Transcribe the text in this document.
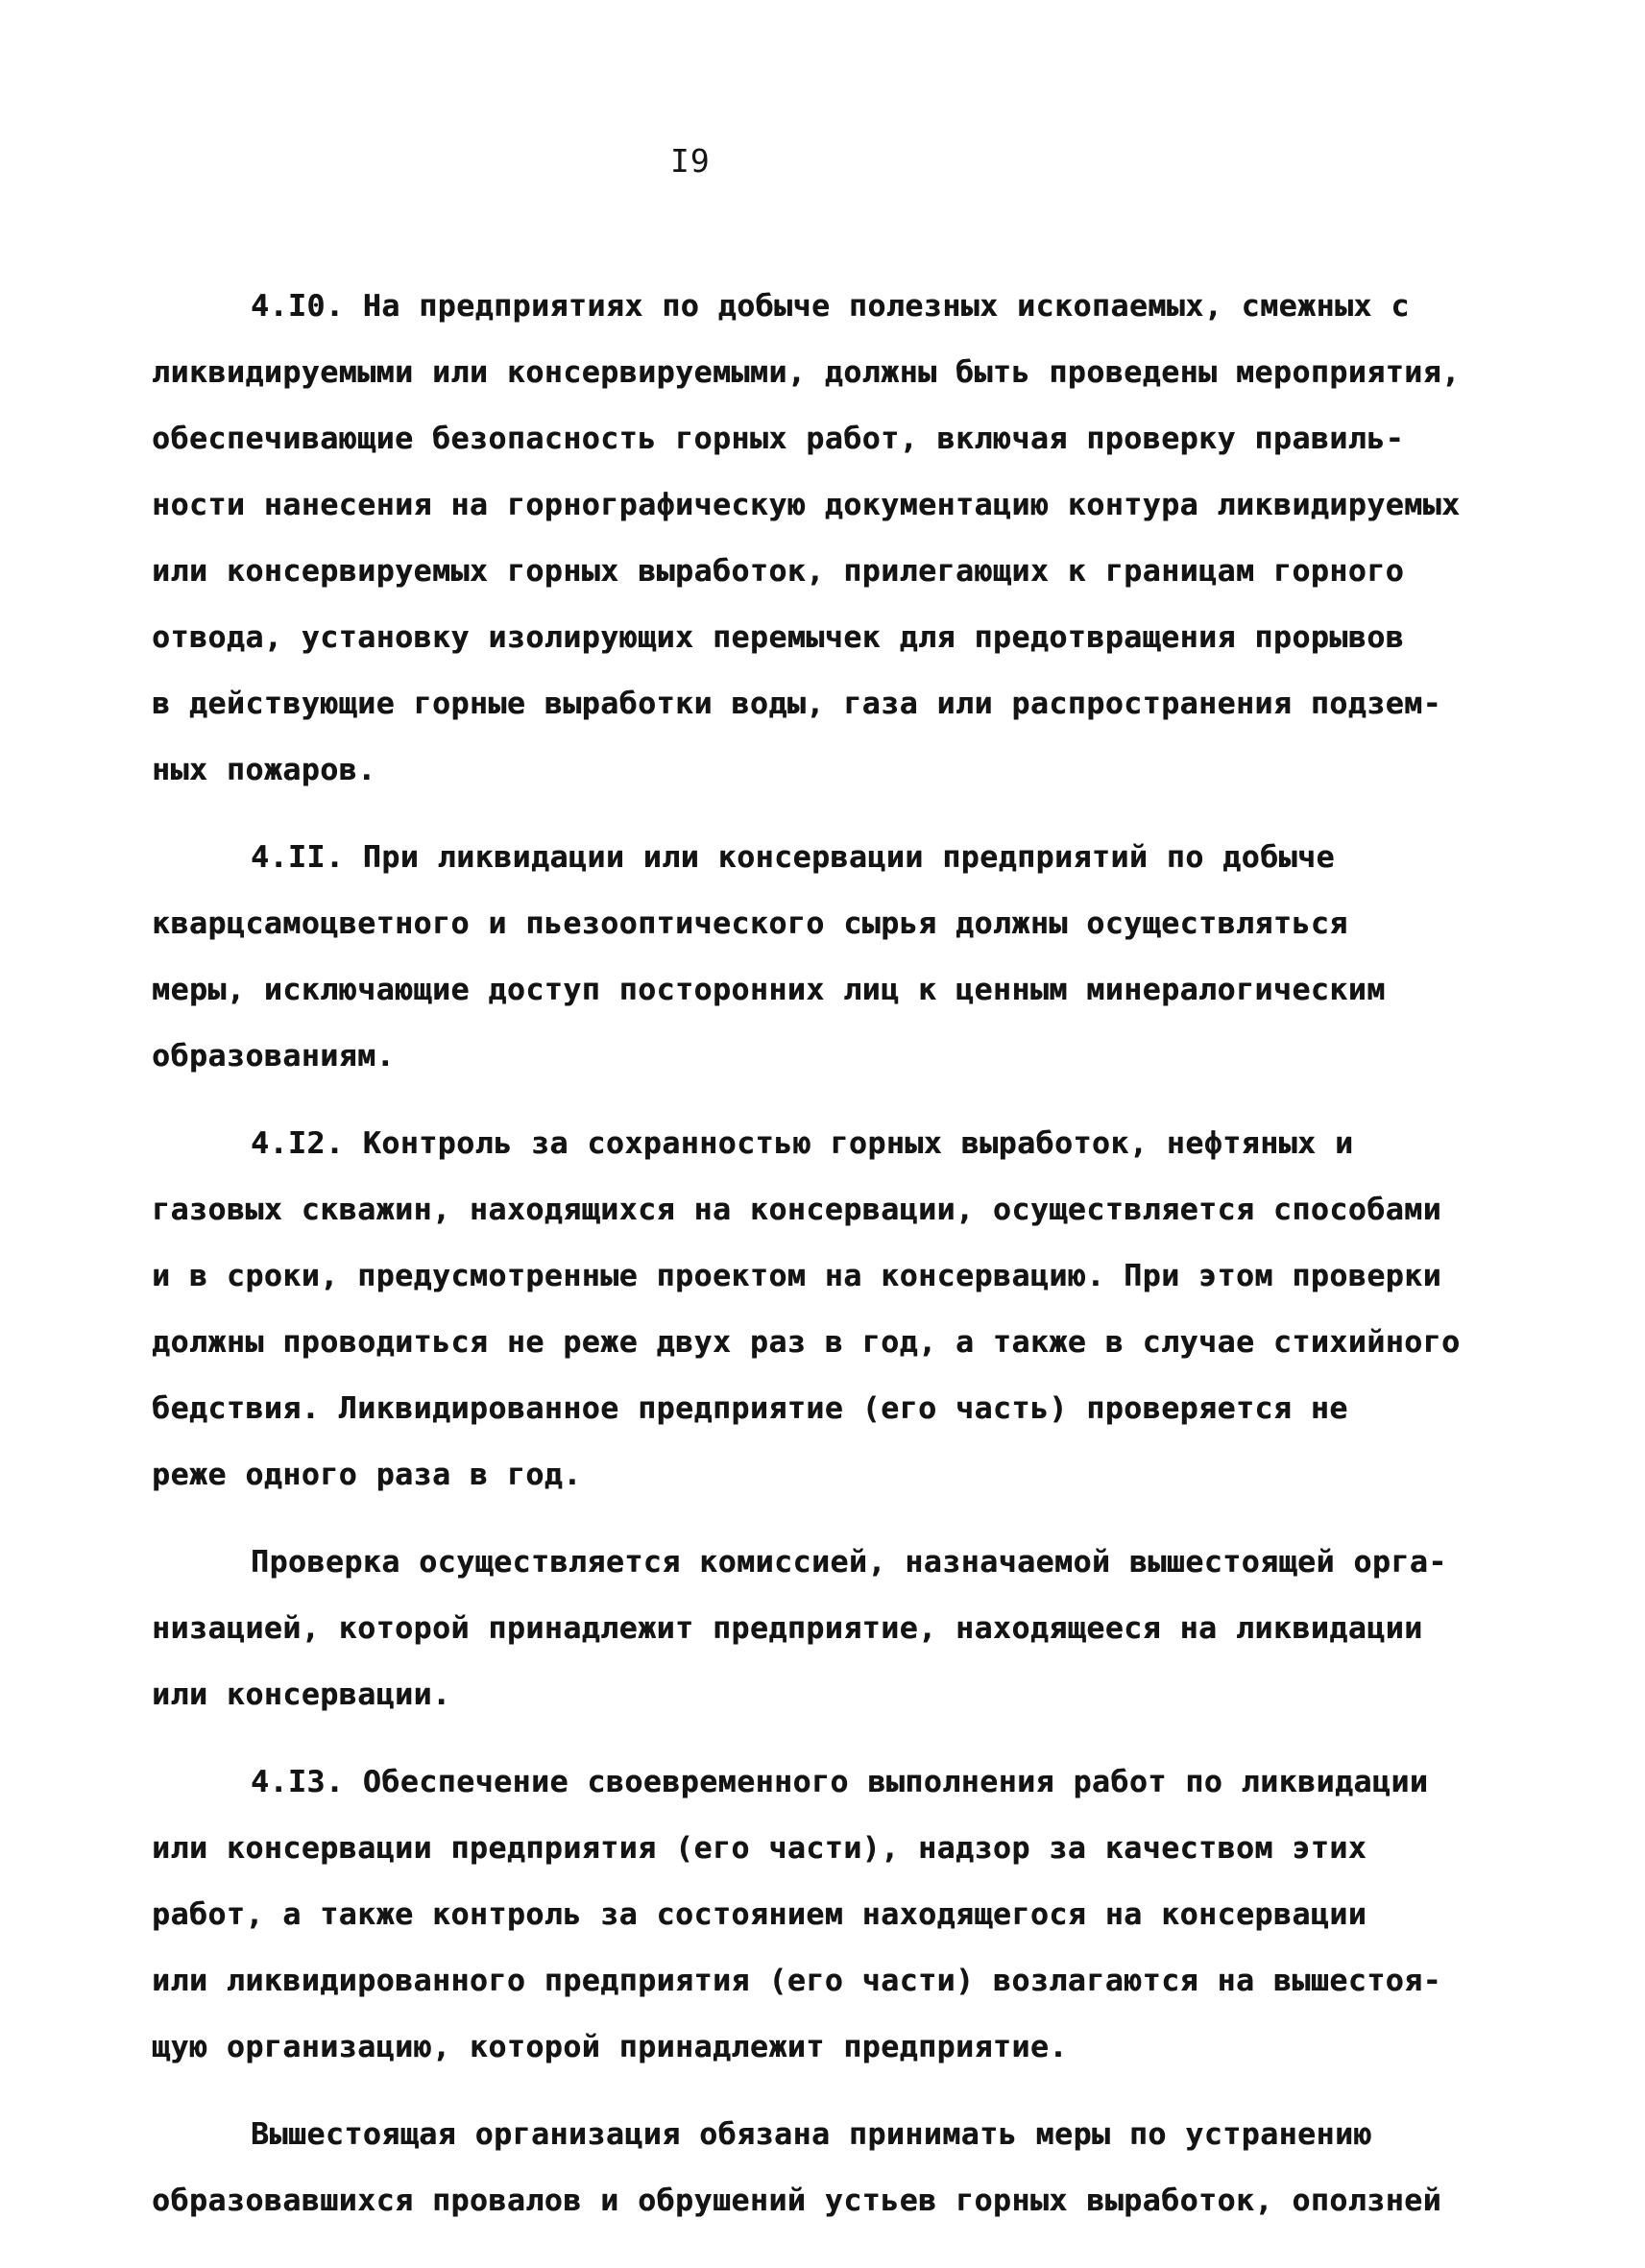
I9
4.I0. На предприятиях по добыче полезных ископаемых, смежных с
ликвидируемыми или консервируемыми, должны быть проведены мероприятия,
обеспечивающие безопасность горных работ, включая проверку правиль-
ности нанесения на горнографическую документацию контура ликвидируемых
или консервируемых горных выработок, прилегающих к границам горного
отвода, установку изолирующих перемычек для предотвращения прорывов
в действующие горные выработки воды, газа или распространения подзем-
ных пожаров.
4.II. При ликвидации или консервации предприятий по добыче
кварцсамоцветного и пьезооптического сырья должны осуществляться
меры, исключающие доступ посторонних лиц к ценным минералогическим
образованиям.
4.I2. Контроль за сохранностью горных выработок, нефтяных и
газовых скважин, находящихся на консервации, осуществляется способами
и в сроки, предусмотренные проектом на консервацию. При этом проверки
должны проводиться не реже двух раз в год, а также в случае стихийного
бедствия. Ликвидированное предприятие (его часть) проверяется не
реже одного раза в год.
Проверка осуществляется комиссией, назначаемой вышестоящей орга-
низацией, которой принадлежит предприятие, находящееся на ликвидации
или консервации.
4.I3. Обеспечение своевременного выполнения работ по ликвидации
или консервации предприятия (его части), надзор за качеством этих
работ, а также контроль за состоянием находящегося на консервации
или ликвидированного предприятия (его части) возлагаются на вышестоя-
щую организацию, которой принадлежит предприятие.
Вышестоящая организация обязана принимать меры по устранению
образовавшихся провалов и обрушений устьев горных выработок, оползней
